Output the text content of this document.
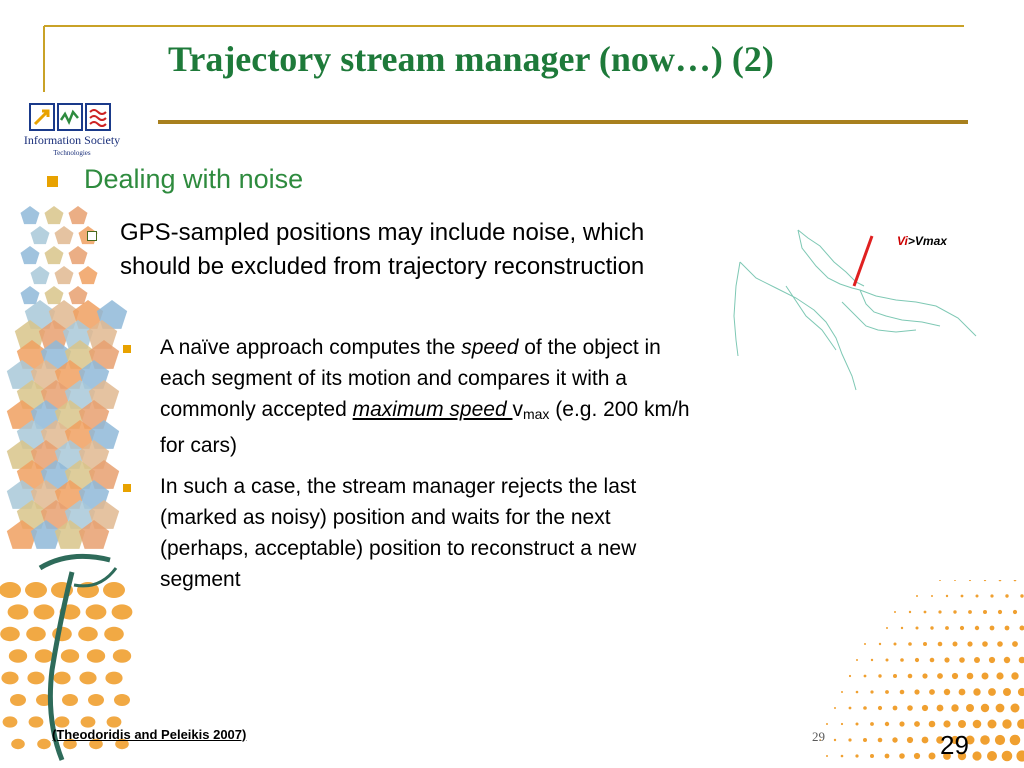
Information Society
Technologies
Trajectory stream manager (now…) (2)
Dealing with noise
GPS-sampled positions may include noise, which should be excluded from trajectory reconstruction
A naïve approach computes the speed of the object in each segment of its motion and compares it with a commonly accepted maximum speed $v_{max}$ (e.g. 200 km/h for cars)
In such a case, the stream manager rejects the last (marked as noisy) position and waits for the next (perhaps, acceptable) position to reconstruct a new segment
Vi>Vmax
(Theodoridis and Peleikis 2007)	29	29
